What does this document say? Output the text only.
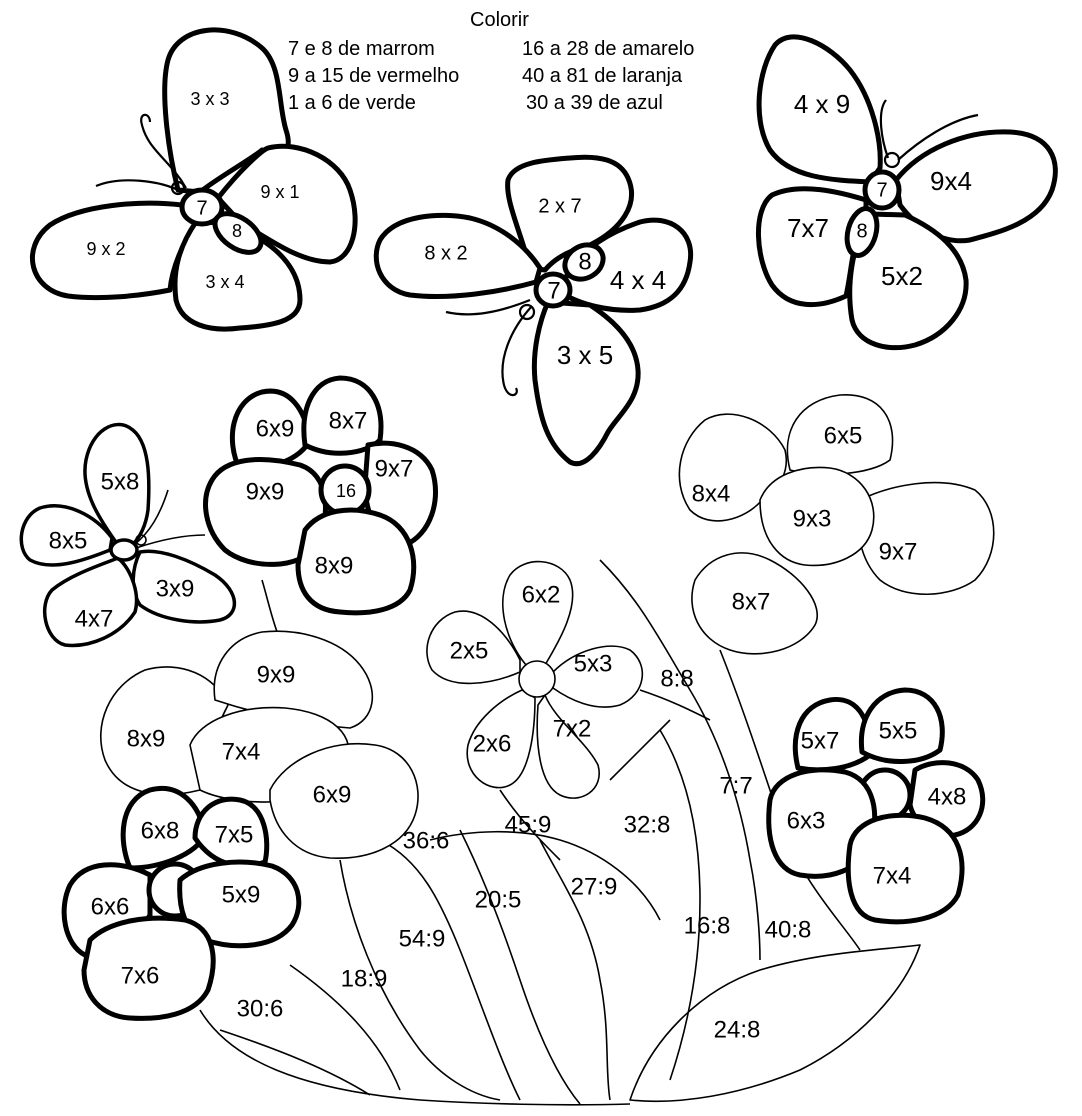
Colorir
7 e 8 de marrom
9 a 15 de vermelho
1 a 6 de verde
16 a 28 de amarelo
40 a 81 de laranja
30 a 39 de azul
3 x 3
9 x 1
9 x 2
3 x 4
7
8
2 x 7
8 x 2
4 x 4
3 x 5
7
8
4 x 9
9x4
7x7
5x2
7
8
5x8
8x5
3x9
4x7
6x9 8x7
9x9
9x7
8x9
16
6x5
8x4
9x3
9x7
8x7
6x2
2x5	5x3
2x6
7x2
9x9
8x9 7x4
6x9
6x8 7x5
6x6	5x9
7x6
5x7 5x5
4x8
6x3
7x4
8:8
7:7
36:6
45:9	32:8
20:5 27:9
54:9	16:8 40:8
18:9
30:6
24:8
